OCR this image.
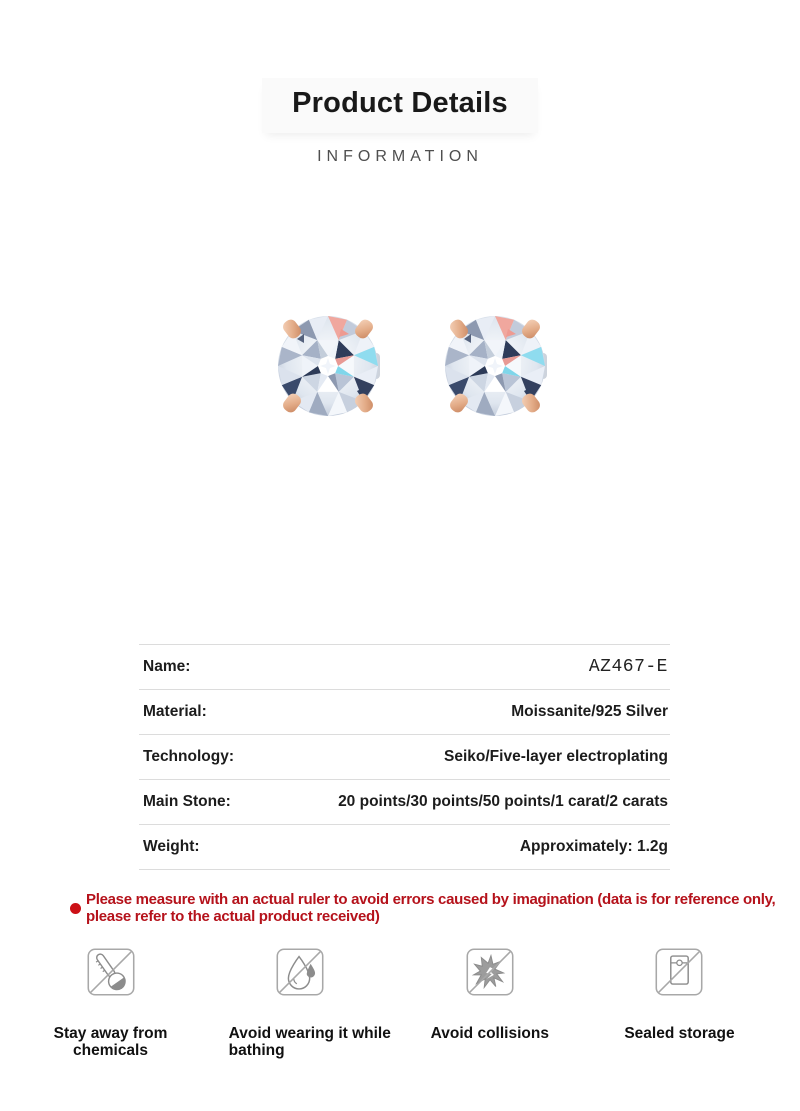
Product Details
INFORMATION
Name:	AZ467-E
Material:	Moissanite/925 Silver
Technology:	Seiko/Five-layer electroplating
Main Stone:	20 points/30 points/50 points/1 carat/2 carats
Weight:	Approximately: 1.2g
Please measure with an actual ruler to avoid errors caused by imagination (data is for reference only, please refer to the actual product received)
Stay away from chemicals
Avoid wearing it while bathing
Avoid collisions	Sealed storage
